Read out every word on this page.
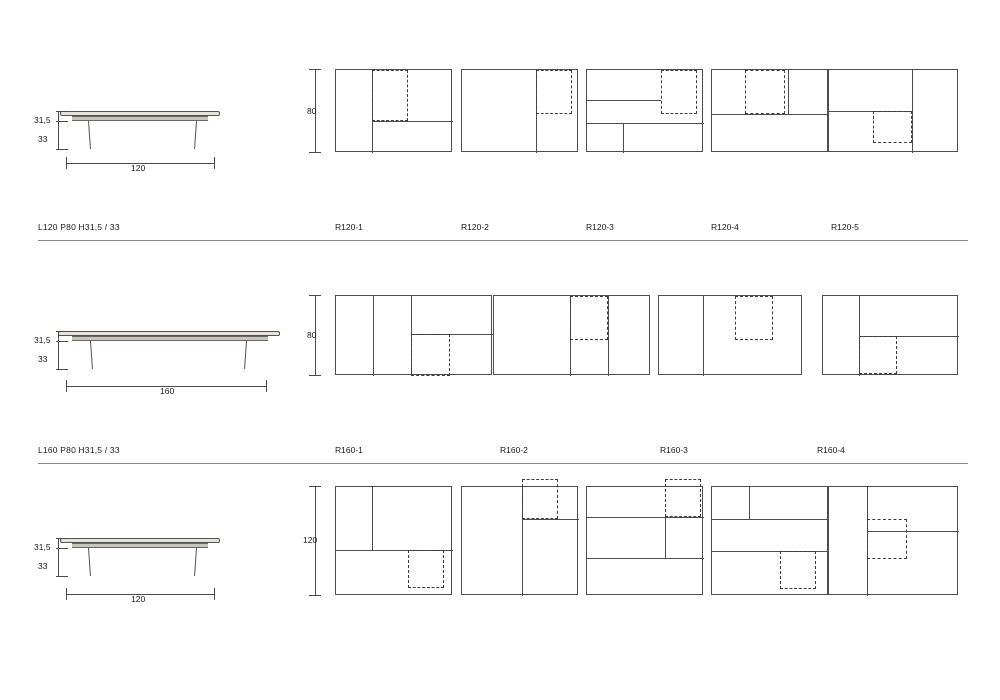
31,5
33
120
80
R120-1	R120-2	R120-3	R120-4	R120-5
L120 P80 H31,5 / 33
31,5
33
160
80
R160-1	R160-2	R160-3	R160-4
L160 P80 H31,5 / 33
31,5
33
120
120
